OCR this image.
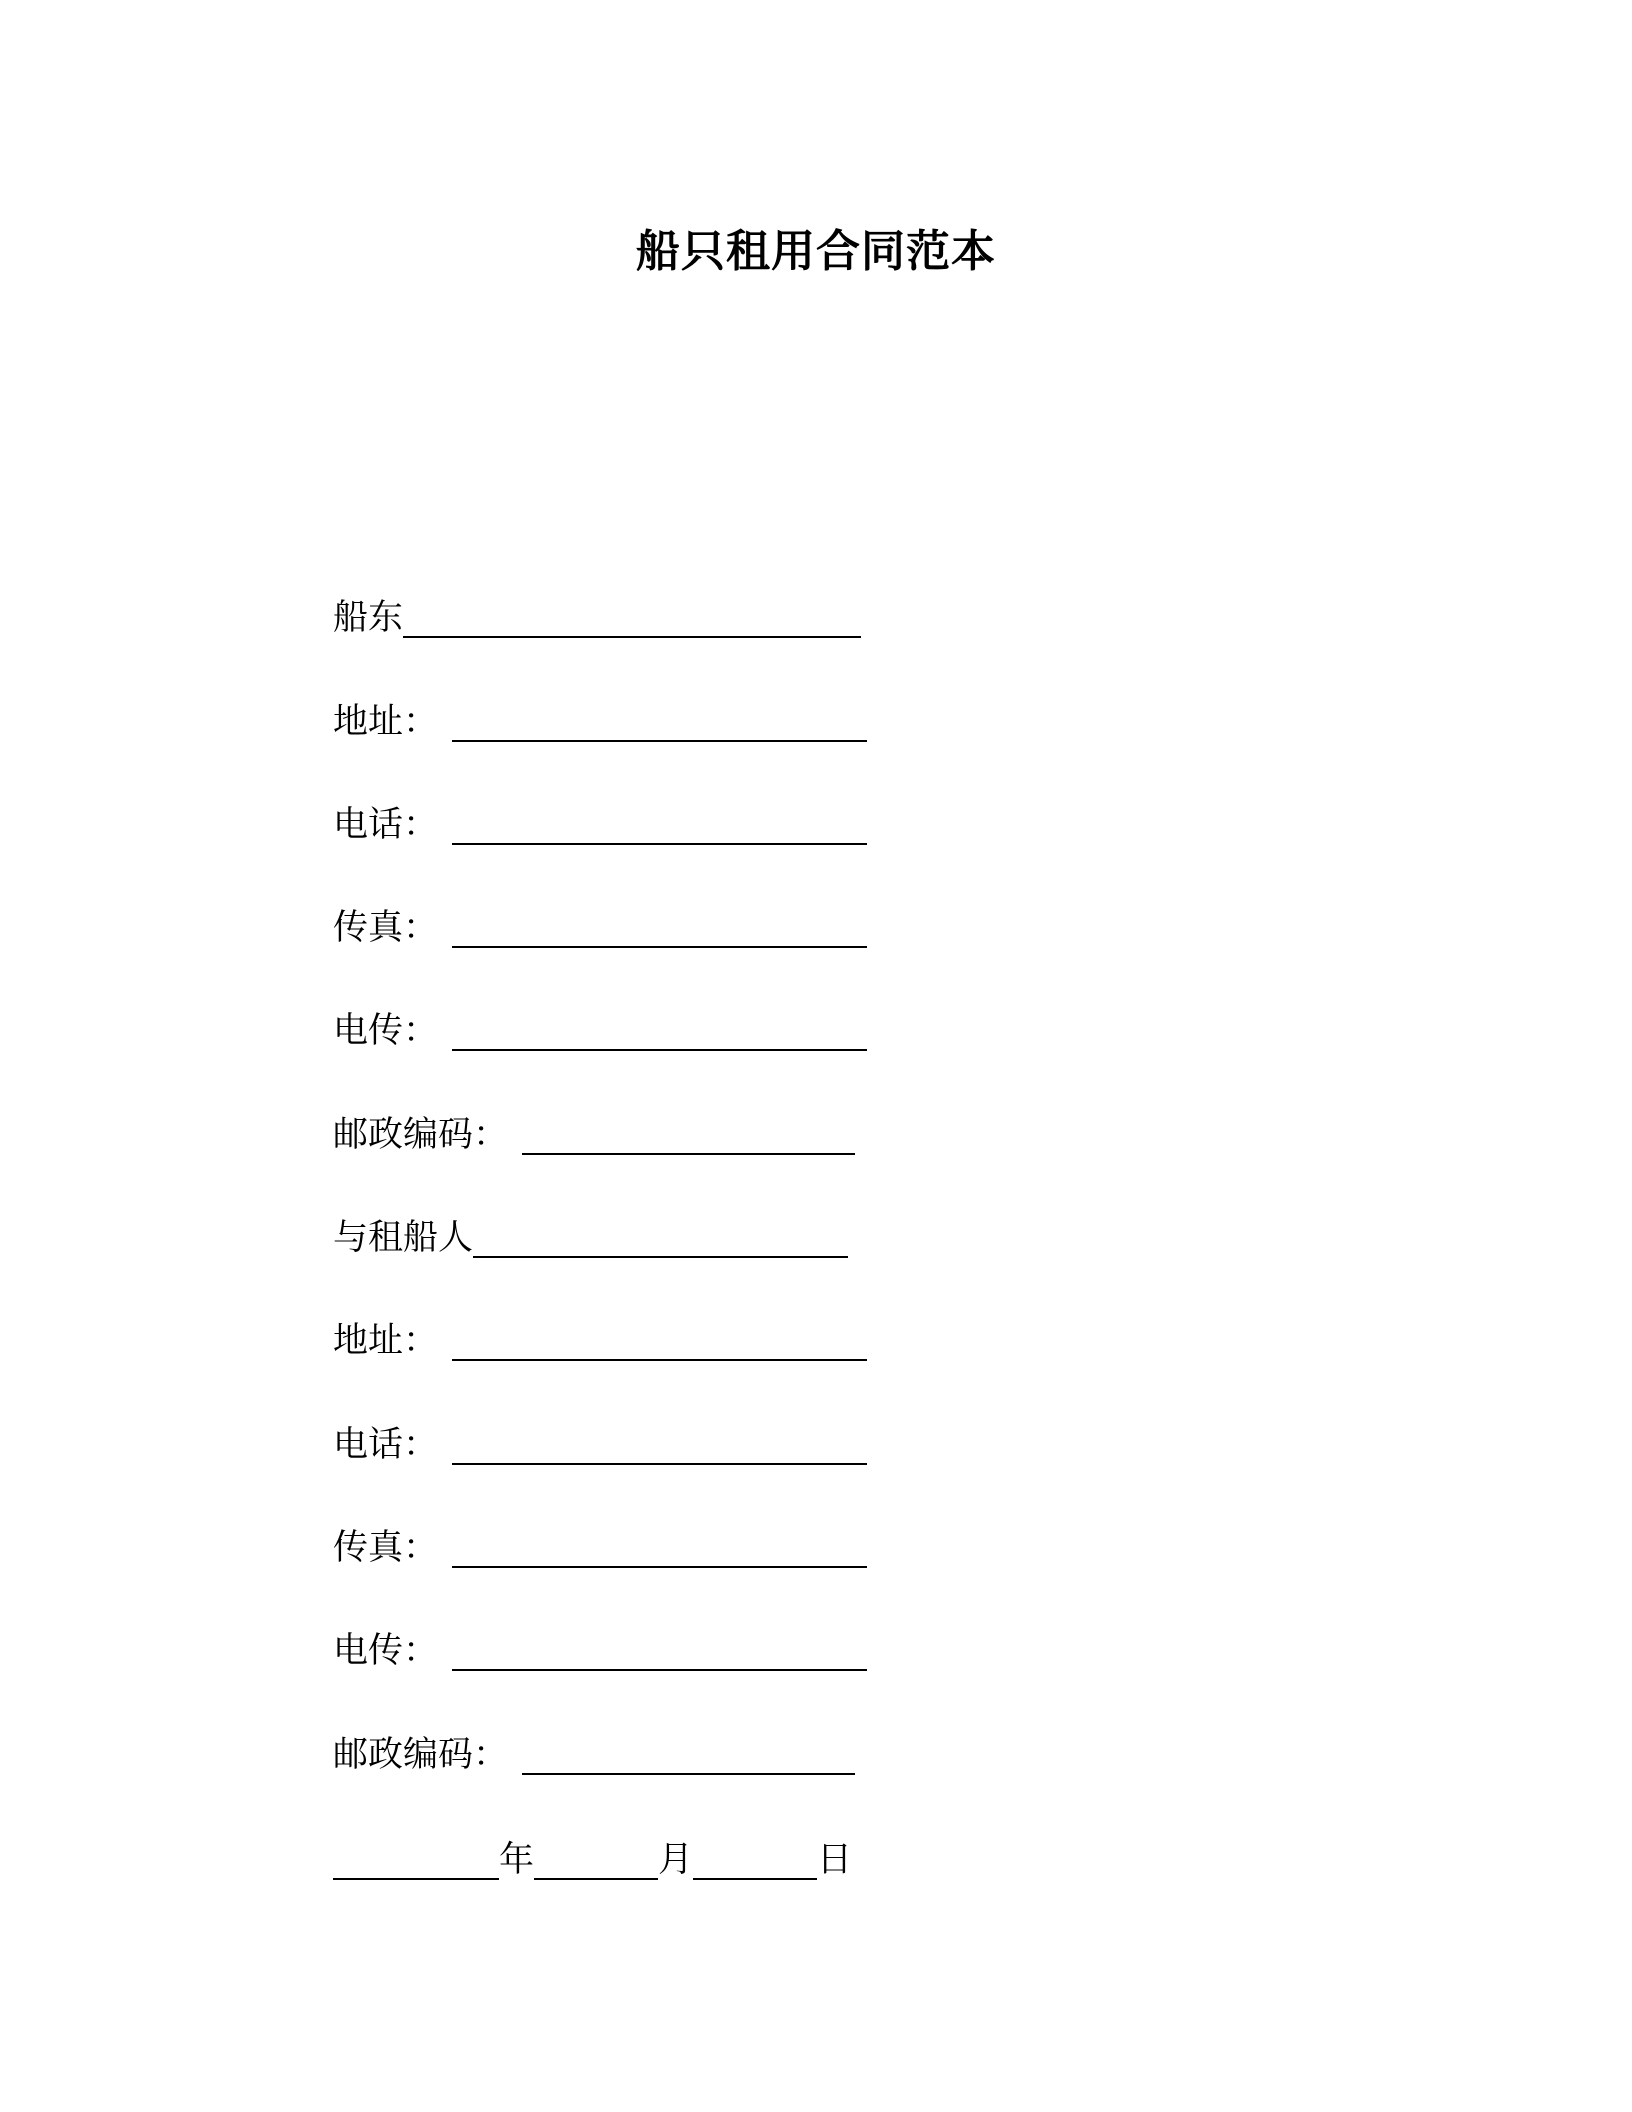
船只租用合同范本
船东
地址 ：
电话 ：
传真 ：
电传 ：
邮政编码 ：
与租船人
地址 ：
电话 ：
传真 ：
电传 ：
邮政编码 ：
年	月	日
